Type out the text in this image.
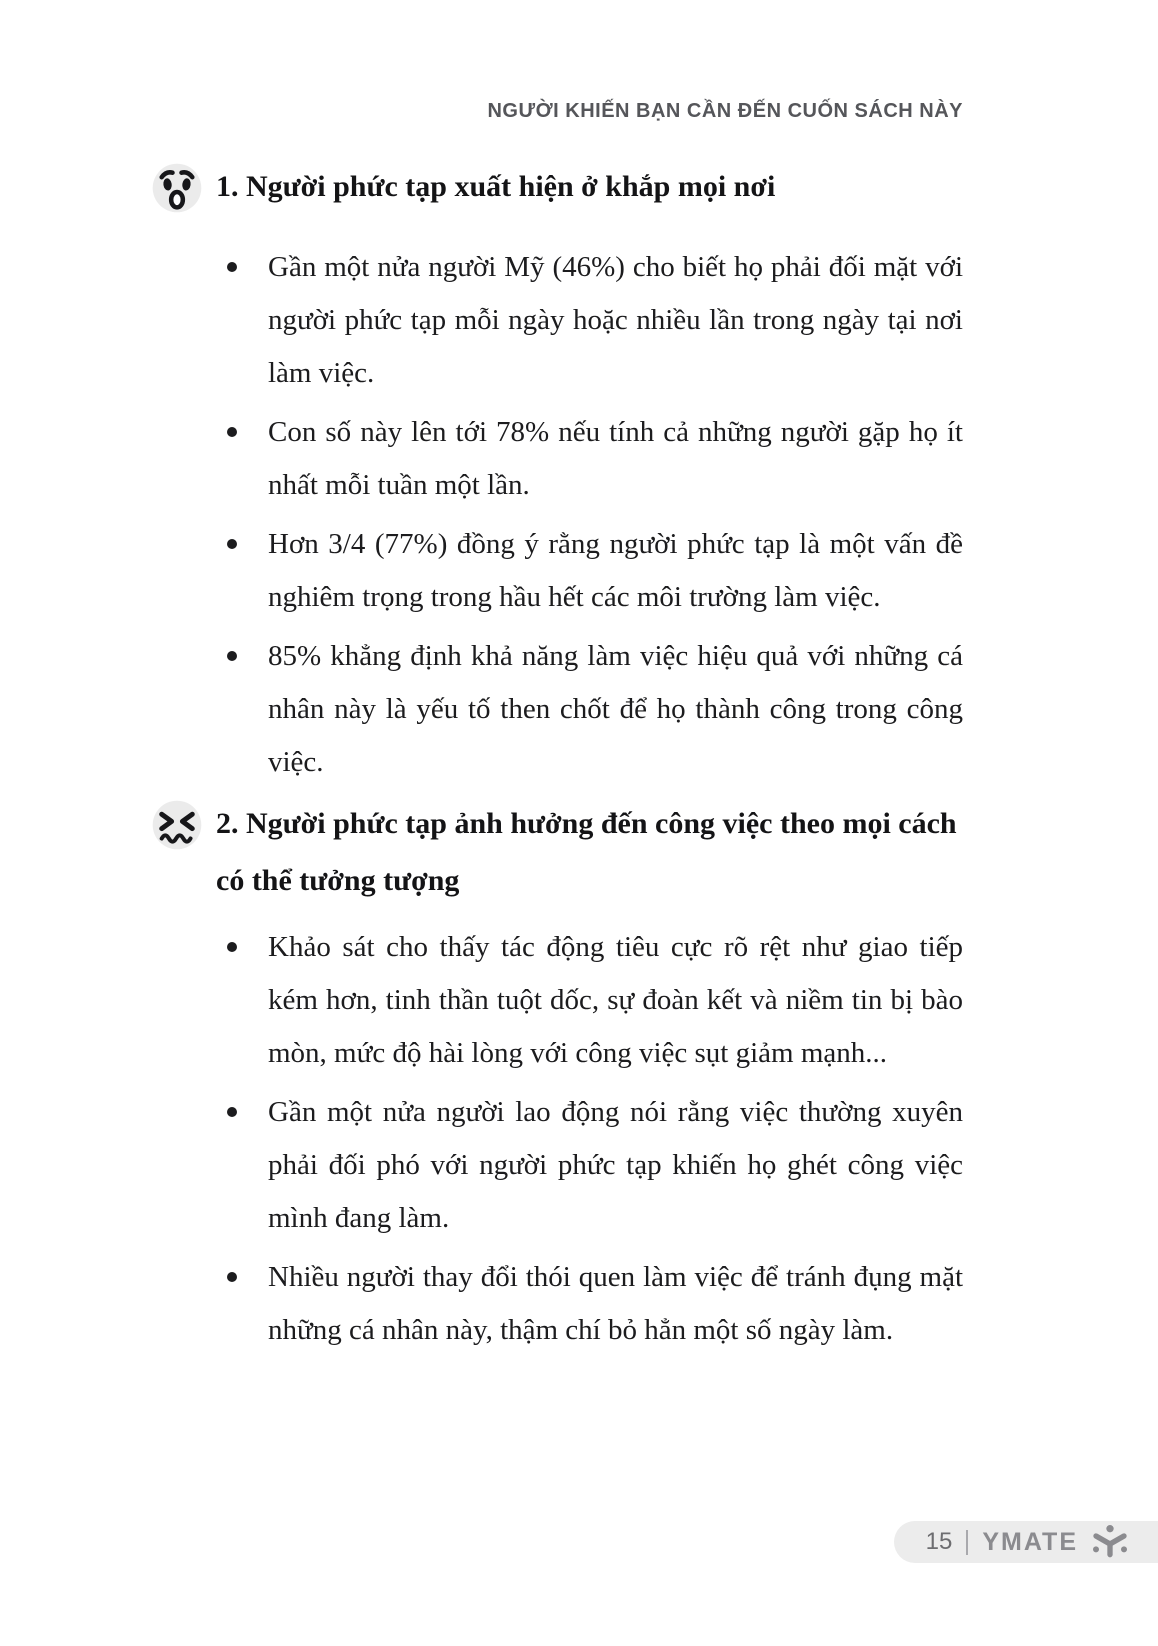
NGƯỜI KHIẾN BẠN CẦN ĐẾN CUỐN SÁCH NÀY
1. Người phức tạp xuất hiện ở khắp mọi nơi
Gần một nửa người Mỹ (46%) cho biết họ phải đối mặt với người phức tạp mỗi ngày hoặc nhiều lần trong ngày tại nơi làm việc.
Con số này lên tới 78% nếu tính cả những người gặp họ ít nhất mỗi tuần một lần.
Hơn 3/4 (77%) đồng ý rằng người phức tạp là một vấn đề nghiêm trọng trong hầu hết các môi trường làm việc.
85% khẳng định khả năng làm việc hiệu quả với những cá nhân này là yếu tố then chốt để họ thành công trong công việc.
2. Người phức tạp ảnh hưởng đến công việc theo mọi cách có thể tưởng tượng
Khảo sát cho thấy tác động tiêu cực rõ rệt như giao tiếp kém hơn, tinh thần tuột dốc, sự đoàn kết và niềm tin bị bào mòn, mức độ hài lòng với công việc sụt giảm mạnh...
Gần một nửa người lao động nói rằng việc thường xuyên phải đối phó với người phức tạp khiến họ ghét công việc mình đang làm.
Nhiều người thay đổi thói quen làm việc để tránh đụng mặt những cá nhân này, thậm chí bỏ hẳn một số ngày làm.
15 YMATE
